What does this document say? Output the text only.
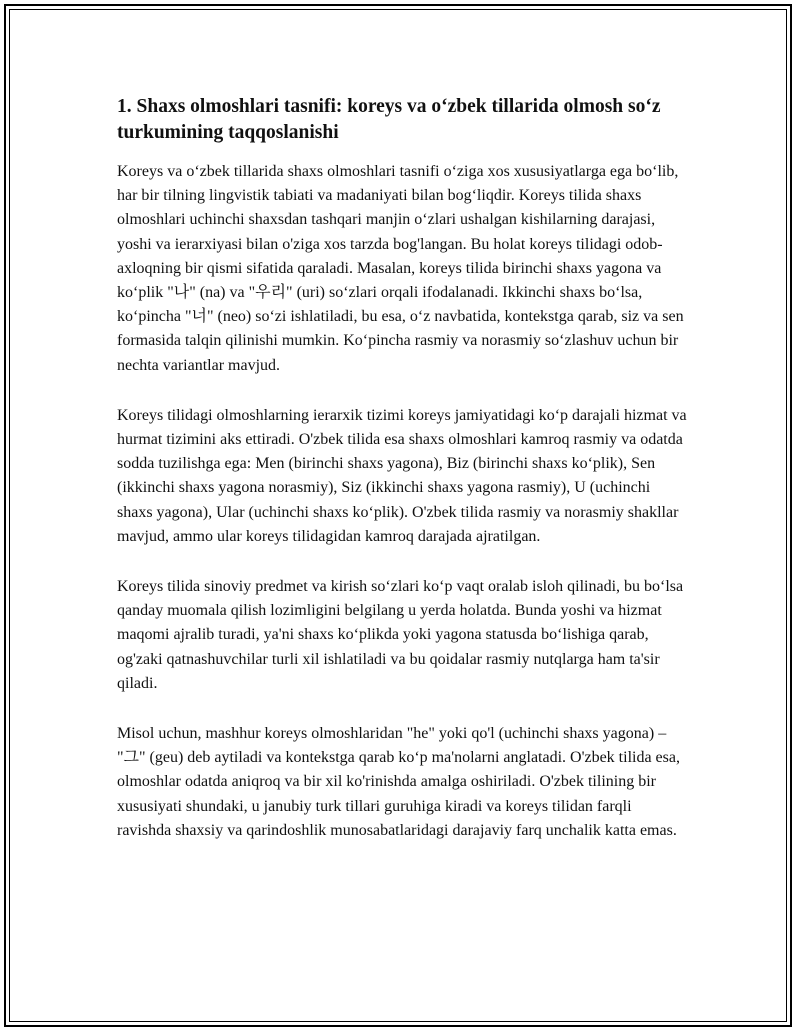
1. Shaxs olmoshlari tasnifi: koreys va o‘zbek tillarida olmosh so‘z turkumining taqqoslanishi

Koreys va o‘zbek tillarida shaxs olmoshlari tasnifi o‘ziga xos xususiyatlarga ega bo‘lib, har bir tilning lingvistik tabiati va madaniyati bilan bog‘liqdir. Koreys tilida shaxs olmoshlari uchinchi shaxsdan tashqari manjin o‘zlari ushalgan kishilarning darajasi, yoshi va ierarxiyasi bilan o'ziga xos tarzda bog'langan. Bu holat koreys tilidagi odob-axloqning bir qismi sifatida qaraladi. Masalan, koreys tilida birinchi shaxs yagona va ko‘plik "나" (na) va "우리" (uri) so‘zlari orqali ifodalanadi. Ikkinchi shaxs bo‘lsa, ko‘pincha "너" (neo) so‘zi ishlatiladi, bu esa, o‘z navbatida, kontekstga qarab, siz va sen formasida talqin qilinishi mumkin. Ko‘pincha rasmiy va norasmiy so‘zlashuv uchun bir nechta variantlar mavjud.

Koreys tilidagi olmoshlarning ierarxik tizimi koreys jamiyatidagi ko‘p darajali hizmat va hurmat tizimini aks ettiradi. O'zbek tilida esa shaxs olmoshlari kamroq rasmiy va odatda sodda tuzilishga ega: Men (birinchi shaxs yagona), Biz (birinchi shaxs ko‘plik), Sen (ikkinchi shaxs yagona norasmiy), Siz (ikkinchi shaxs yagona rasmiy), U (uchinchi shaxs yagona), Ular (uchinchi shaxs ko‘plik). O'zbek tilida rasmiy va norasmiy shakllar mavjud, ammo ular koreys tilidagidan kamroq darajada ajratilgan.

Koreys tilida sinoviy predmet va kirish so‘zlari ko‘p vaqt oralab isloh qilinadi, bu bo‘lsa qanday muomala qilish lozimligini belgilang u yerda holatda. Bunda yoshi va hizmat maqomi ajralib turadi, ya'ni shaxs ko‘plikda yoki yagona statusda bo‘lishiga qarab, og'zaki qatnashuvchilar turli xil ishlatiladi va bu qoidalar rasmiy nutqlarga ham ta'sir qiladi.

Misol uchun, mashhur koreys olmoshlaridan "he" yoki qo'l (uchinchi shaxs yagona) – "그" (geu) deb aytiladi va kontekstga qarab ko‘p ma'nolarni anglatadi. O'zbek tilida esa, olmoshlar odatda aniqroq va bir xil ko'rinishda amalga oshiriladi. O'zbek tilining bir xususiyati shundaki, u janubiy turk tillari guruhiga kiradi va koreys tilidan farqli ravishda shaxsiy va qarindoshlik munosabatlaridagi darajaviy farq unchalik katta emas.
